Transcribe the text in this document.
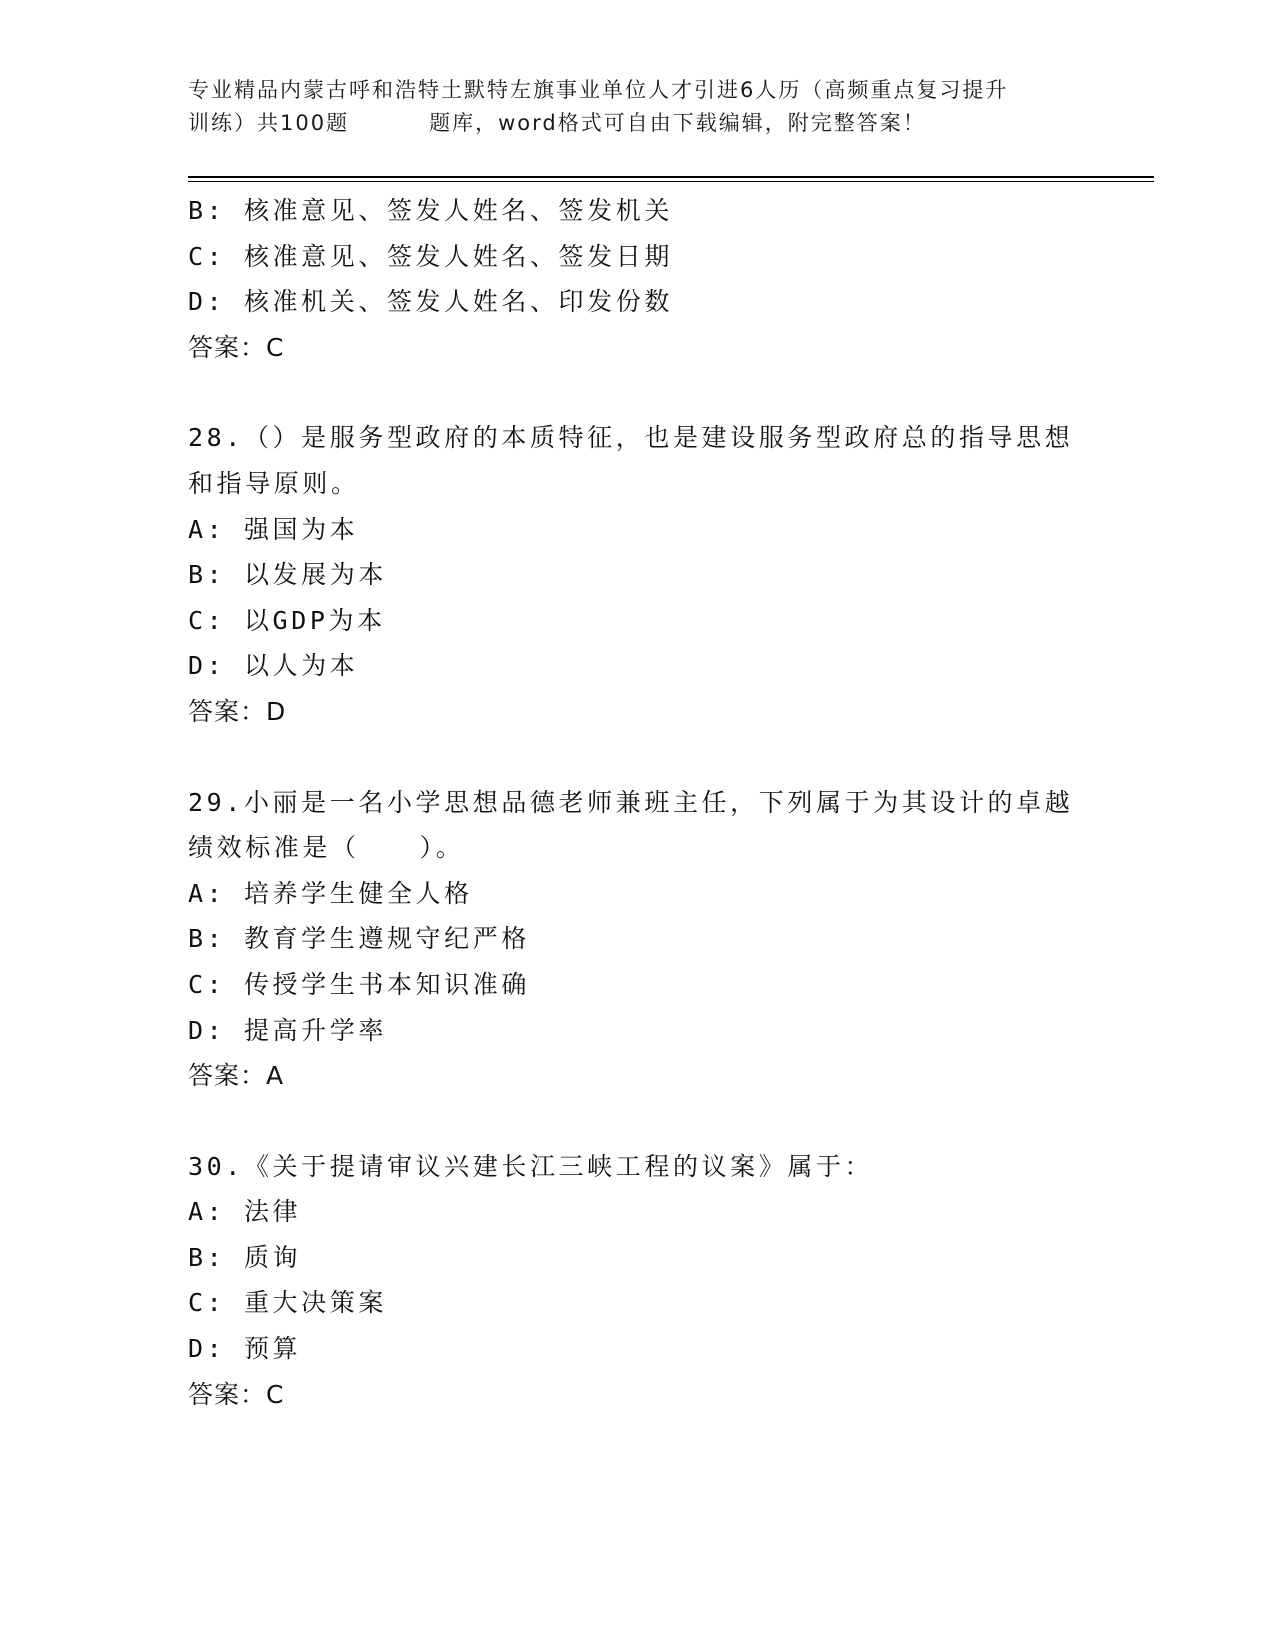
专业精品内蒙古呼和浩特土默特左旗事业单位人才引进6人历（高频重点复习提升
训练）共100题	题库，word格式可自由下载编辑，附完整答案！
B: 核准意见、签发人姓名、签发机关
C: 核准意见、签发人姓名、签发日期
D: 核准机关、签发人姓名、印发份数
答案：C
28.（）是服务型政府的本质特征，也是建设服务型政府总的指导思想
和指导原则。
A: 强国为本
B: 以发展为本
C: 以GDP为本
D: 以人为本
答案：D
29.小丽是一名小学思想品德老师兼班主任，下列属于为其设计的卓越
绩效标准是（ ）。
A: 培养学生健全人格
B: 教育学生遵规守纪严格
C: 传授学生书本知识准确
D: 提高升学率
答案：A
30.《关于提请审议兴建长江三峡工程的议案》属于：
A: 法律
B: 质询
C: 重大决策案
D: 预算
答案：C
